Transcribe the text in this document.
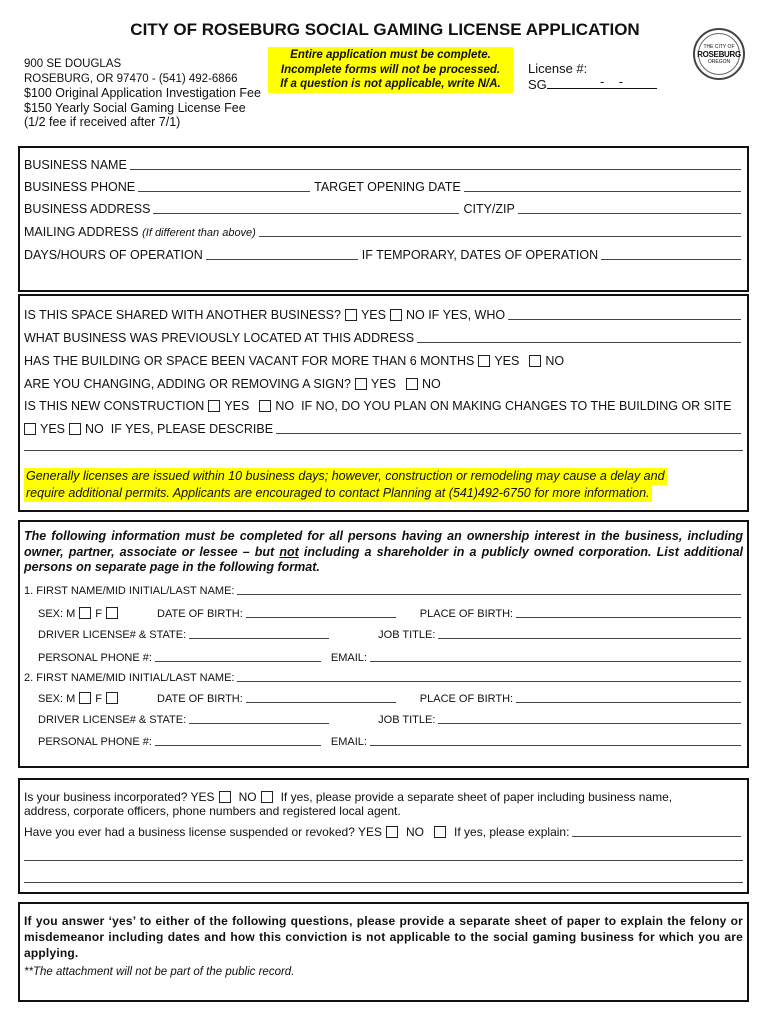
CITY OF ROSEBURG SOCIAL GAMING LICENSE APPLICATION
900 SE DOUGLAS
ROSEBURG, OR 97470 - (541) 492-6866
$100 Original Application Investigation Fee
$150 Yearly Social Gaming License Fee
(1/2 fee if received after 7/1)
Entire application must be complete.
Incomplete forms will not be processed.
If a question is not applicable, write N/A.
License #:
SG --
THE CITY OF
ROSEBURG
OREGON
BUSINESS NAME
BUSINESS PHONE	TARGET OPENING DATE
BUSINESS ADDRESS	CITY/ZIP
MAILING ADDRESS
(If different than above)
DAYS/HOURS OF OPERATION	IF TEMPORARY, DATES OF OPERATION
IS THIS SPACE SHARED WITH ANOTHER BUSINESS? YES NO IF YES, WHO
WHAT BUSINESS WAS PREVIOUSLY LOCATED AT THIS ADDRESS
HAS THE BUILDING OR SPACE BEEN VACANT FOR MORE THAN 6 MONTHS YES NO
ARE YOU CHANGING, ADDING OR REMOVING A SIGN? YES NO
IS THIS NEW CONSTRUCTION YES NO
IF NO, DO YOU PLAN ON MAKING CHANGES TO THE BUILDING OR SITE
YES NO
IF YES, PLEASE DESCRIBE
Generally licenses are issued within 10 business days; however, construction or remodeling may cause a delay and
require additional permits. Applicants are encouraged to contact Planning at (541)492-6750 for more information.
The following information must be completed for all persons having an ownership interest in the business, including owner, partner, associate or lessee – but not including a shareholder in a publicly owned corporation. List additional persons on separate page in the following format.
1. FIRST NAME/MID INITIAL/LAST NAME:
SEX: M F	DATE OF BIRTH:	PLACE OF BIRTH:
DRIVER LICENSE# & STATE:	JOB TITLE:
PERSONAL PHONE #:	EMAIL:
2. FIRST NAME/MID INITIAL/LAST NAME:
SEX: M F	DATE OF BIRTH:	PLACE OF BIRTH:
DRIVER LICENSE# & STATE:	JOB TITLE:
PERSONAL PHONE #:	EMAIL:
Is your business incorporated? YES NO If yes, please provide a separate sheet of paper including business name,
address, corporate officers, phone numbers and registered local agent.
Have you ever had a business license suspended or revoked? YES NO	If yes, please explain:
If you answer ‘yes’ to either of the following questions, please provide a separate sheet of paper to explain the felony or misdemeanor including dates and how this conviction is not applicable to the social gaming business for which you are applying.
**The attachment will not be part of the public record.
